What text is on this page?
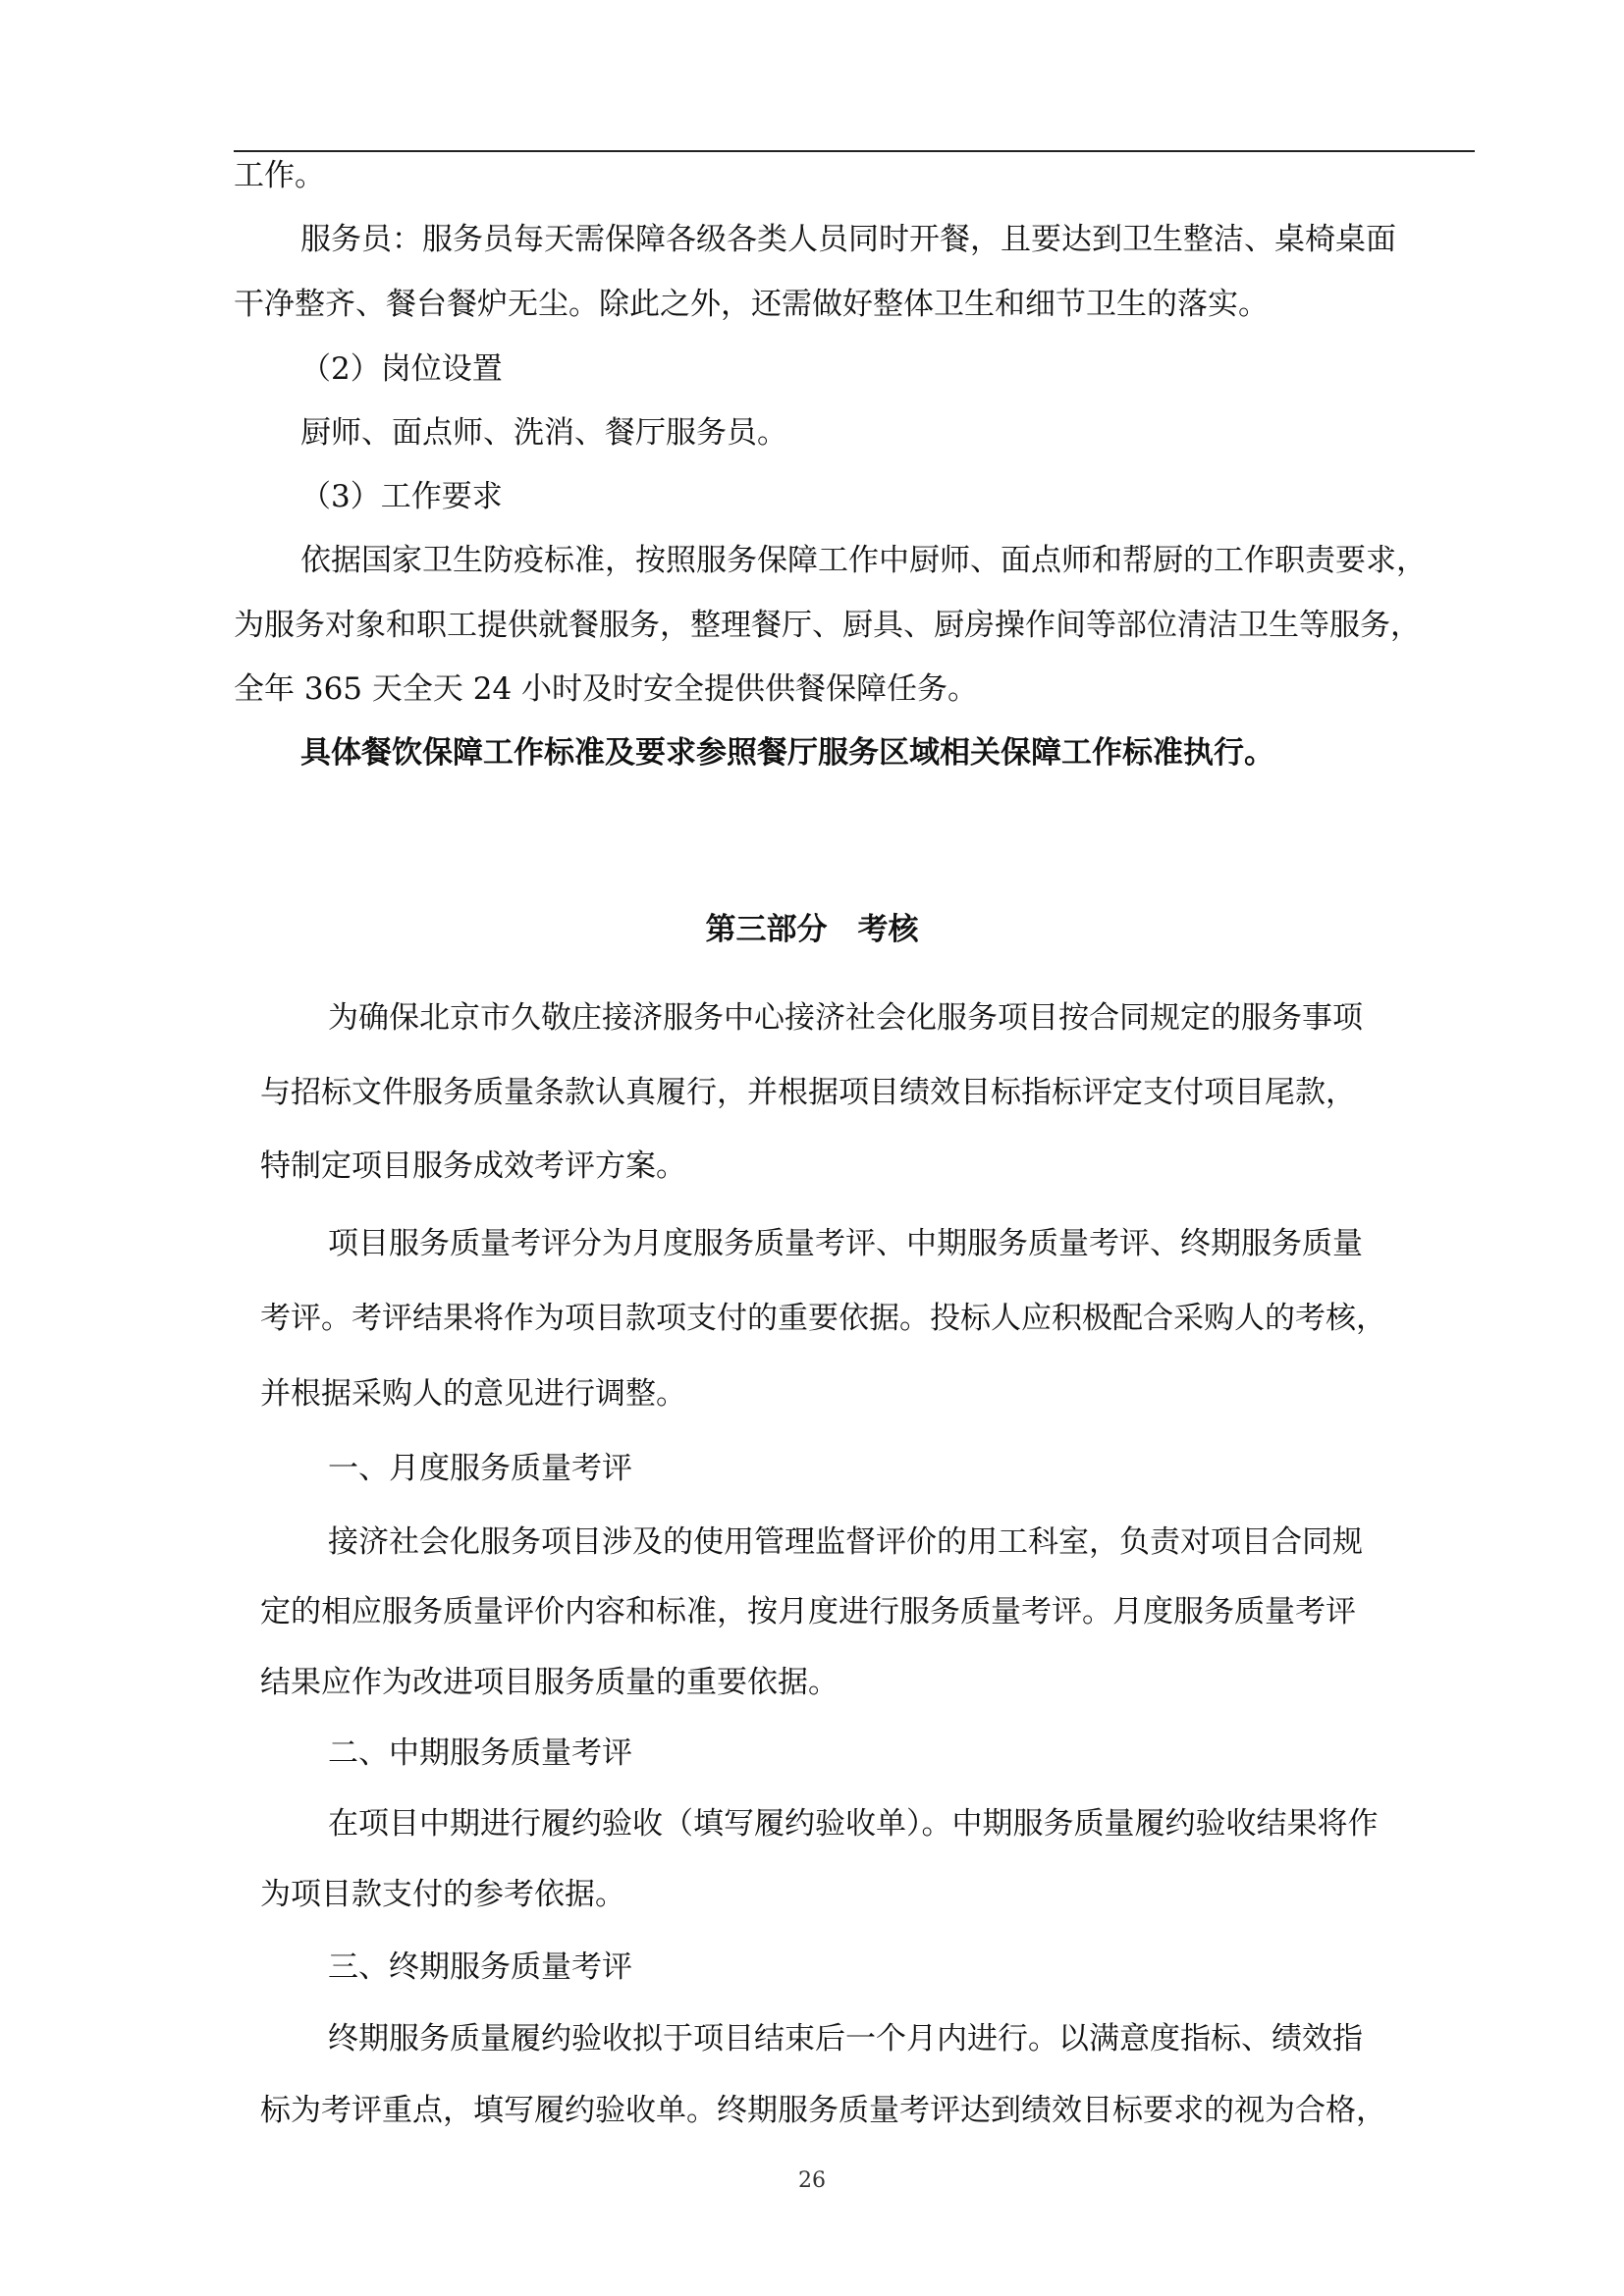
工作。

服务员：服务员每天需保障各级各类人员同时开餐，且要达到卫生整洁、桌椅桌面

干净整齐、餐台餐炉无尘。除此之外，还需做好整体卫生和细节卫生的落实。

（2）岗位设置

厨师、面点师、洗消、餐厅服务员。

（3）工作要求

依据国家卫生防疫标准，按照服务保障工作中厨师、面点师和帮厨的工作职责要求，

为服务对象和职工提供就餐服务，整理餐厅、厨具、厨房操作间等部位清洁卫生等服务，

全年 365 天全天 24 小时及时安全提供供餐保障任务。

具体餐饮保障工作标准及要求参照餐厅服务区域相关保障工作标准执行。

第三部分　考核

为确保北京市久敬庄接济服务中心接济社会化服务项目按合同规定的服务事项

与招标文件服务质量条款认真履行，并根据项目绩效目标指标评定支付项目尾款，

特制定项目服务成效考评方案。

项目服务质量考评分为月度服务质量考评、中期服务质量考评、终期服务质量

考评。考评结果将作为项目款项支付的重要依据。投标人应积极配合采购人的考核，

并根据采购人的意见进行调整。

一、月度服务质量考评

接济社会化服务项目涉及的使用管理监督评价的用工科室，负责对项目合同规

定的相应服务质量评价内容和标准，按月度进行服务质量考评。月度服务质量考评

结果应作为改进项目服务质量的重要依据。

二、中期服务质量考评

在项目中期进行履约验收（填写履约验收单）。中期服务质量履约验收结果将作

为项目款支付的参考依据。

三、终期服务质量考评

终期服务质量履约验收拟于项目结束后一个月内进行。以满意度指标、绩效指

标为考评重点，填写履约验收单。终期服务质量考评达到绩效目标要求的视为合格，

26
